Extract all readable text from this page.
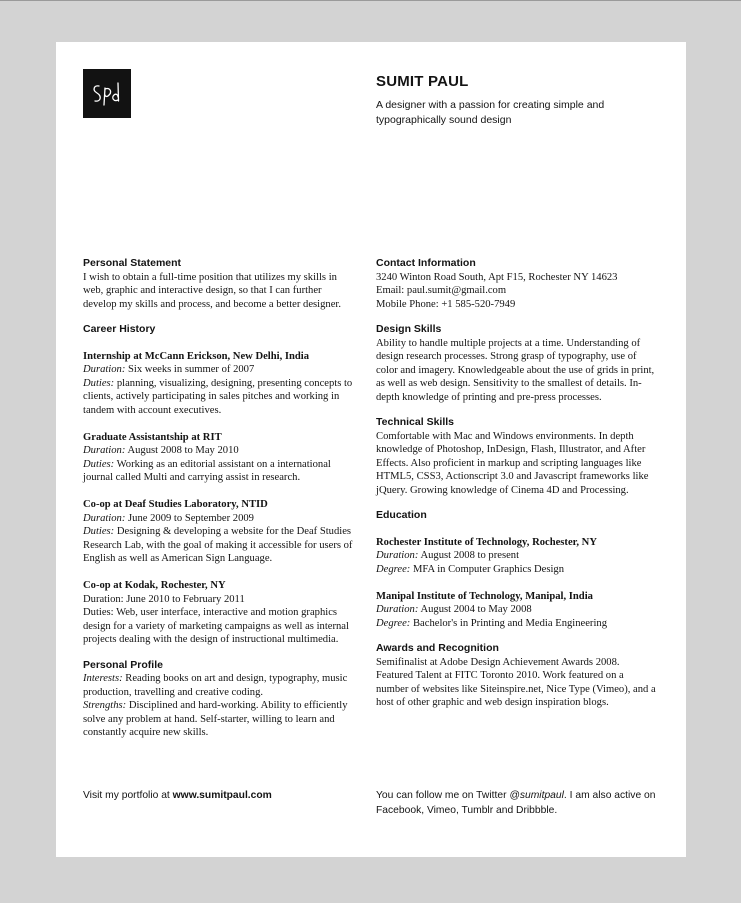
SUMIT PAUL
A designer with a passion for creating simple and typographically sound design
Personal Statement

I wish to obtain a full-time position that utilizes my skills in web, graphic and interactive design, so that I can further develop my skills and process, and become a better designer.

Career History
Internship at McCann Erickson, New Delhi, India
Duration: Six weeks in summer of 2007
Duties: planning, visualizing, designing, presenting concepts to clients, actively participating in sales pitches and working in tandem with account executives.
Graduate Assistantship at RIT
Duration: August 2008 to May 2010
Duties: Working as an editorial assistant on a international journal called Multi and carrying assist in research.
Co-op at Deaf Studies Laboratory, NTID
Duration: June 2009 to September 2009
Duties: Designing & developing a website for the Deaf Studies Research Lab, with the goal of making it accessible for users of English as well as American Sign Language.
Co-op at Kodak, Rochester, NY
Duration: June 2010 to February 2011
Duties: Web, user interface, interactive and motion graphics design for a variety of marketing campaigns as well as internal projects dealing with the design of instructional multimedia.
Personal Profile
Interests: Reading books on art and design, typography, music production, travelling and creative coding.
Strengths: Disciplined and hard-working. Ability to efficiently solve any problem at hand. Self-starter, willing to learn and constantly acquire new skills.
Contact Information
3240 Winton Road South, Apt F15, Rochester NY 14623
Email: paul.sumit@gmail.com
Mobile Phone: +1 585-520-7949
Design Skills

Ability to handle multiple projects at a time. Understanding of design research processes. Strong grasp of typography, use of color and imagery. Knowledgeable about the use of grids in print, as well as web design. Sensitivity to the smallest of details. In-depth knowledge of printing and pre-press processes.

Technical Skills

Comfortable with Mac and Windows environments. In depth knowledge of Photoshop, InDesign, Flash, Illustrator, and After Effects. Also proficient in markup and scripting languages like HTML5, CSS3, Actionscript 3.0 and Javascript frameworks like jQuery. Growing knowledge of Cinema 4D and Processing.

Education
Rochester Institute of Technology, Rochester, NY
Duration: August 2008 to present
Degree: MFA in Computer Graphics Design
Manipal Institute of Technology, Manipal, India
Duration: August 2004 to May 2008
Degree: Bachelor's in Printing and Media Engineering
Awards and Recognition

Semifinalist at Adobe Design Achievement Awards 2008. Featured Talent at FITC Toronto 2010. Work featured on a number of websites like Siteinspire.net, Nice Type (Vimeo), and a host of other graphic and web design inspiration blogs.

Visit my portfolio at www.sumitpaul.com	You can follow me on Twitter @sumitpaul. I am also active on Facebook, Vimeo, Tumblr and Dribbble.
